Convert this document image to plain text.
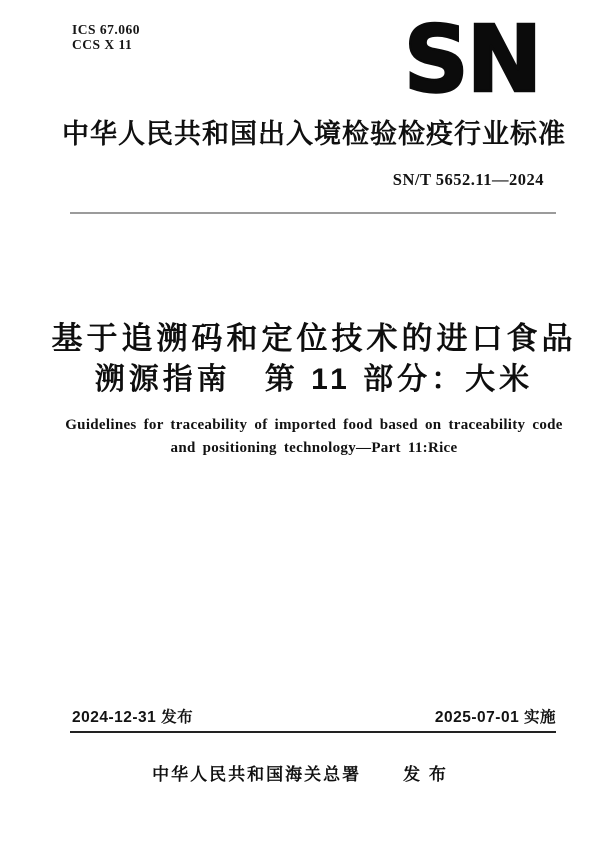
ICS 67.060
CCS X 11	SN
中华人民共和国出入境检验检疫行业标准
SN/T 5652.11—2024
基于追溯码和定位技术的进口食品
溯源指南　第 11 部分：大米
Guidelines for traceability of imported food based on traceability code
and positioning technology—Part 11:Rice
2024-12-31 发布	2025-07-01 实施
中华人民共和国海关总署 发 布
